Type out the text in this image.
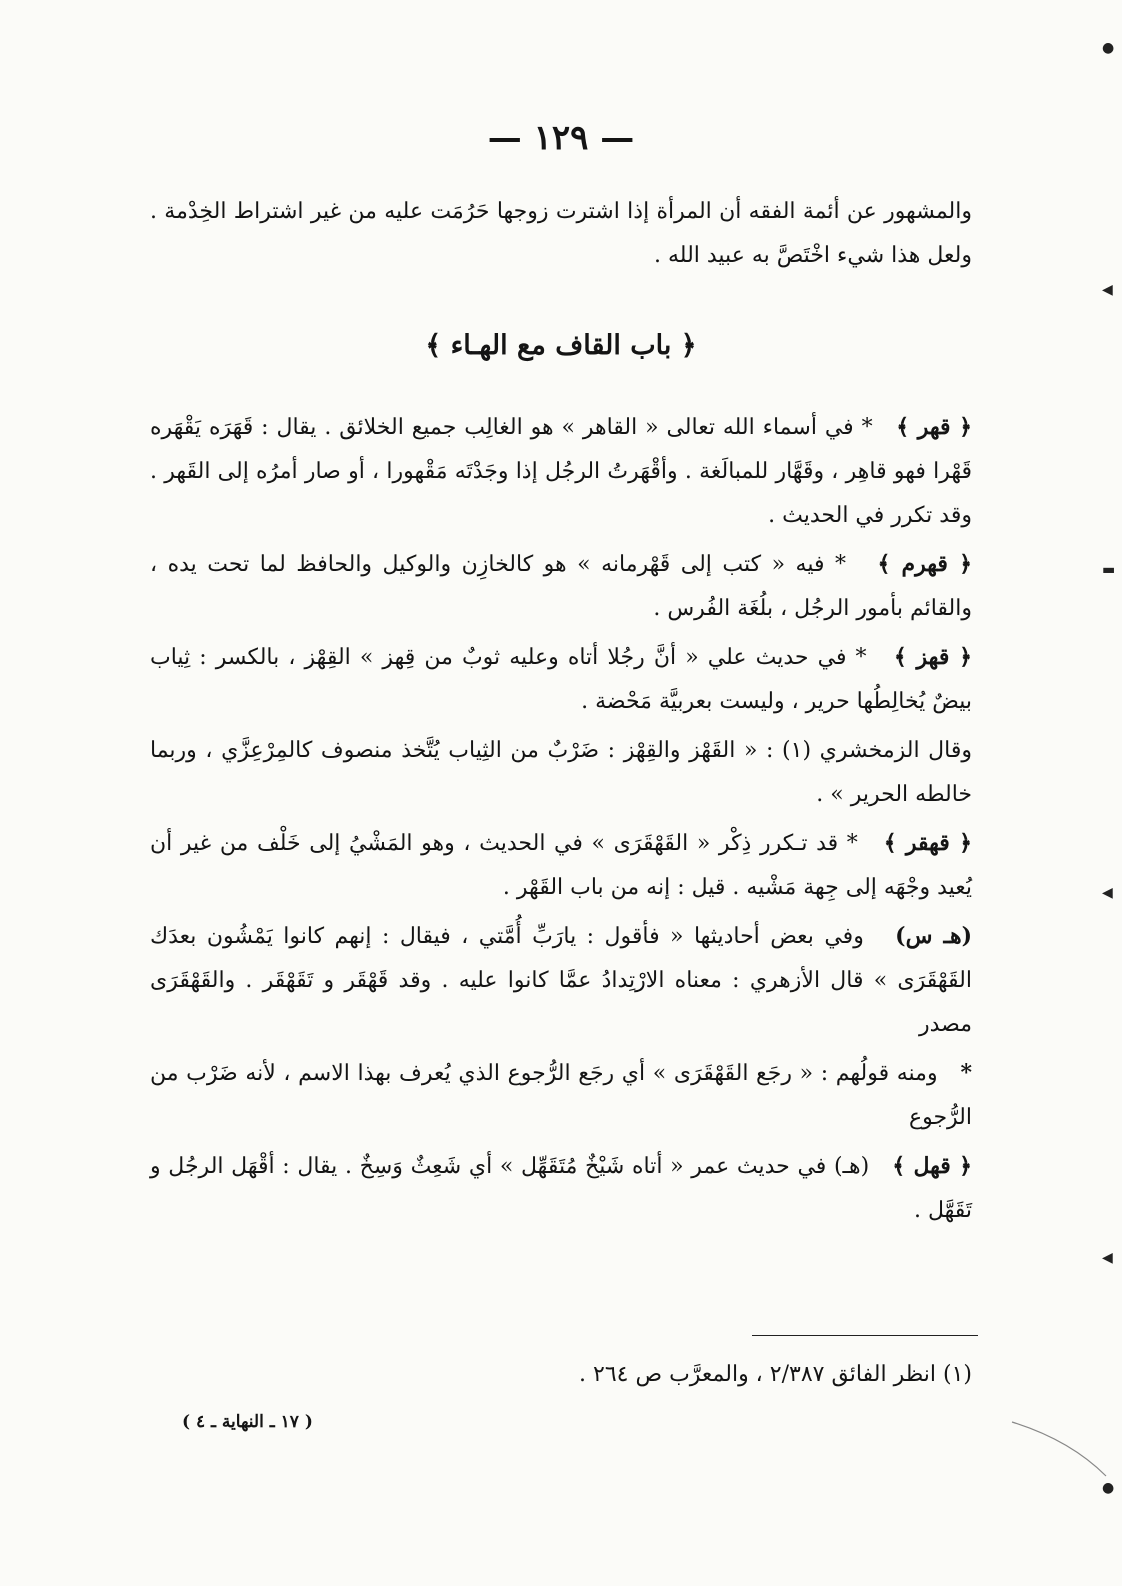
— ١٢٩ —
والمشهور عن أئمة الفقه أن المرأة إذا اشترت زوجها حَرُمَت عليه من غير اشتراط الخِدْمة . ولعل هذا شيء اخْتَصَّ به عبيد الله .
﴿ باب القاف مع الهـاء ﴾

﴿ قهر ﴾   * في أسماء الله تعالى « القاهر » هو الغالِب جميع الخلائق . يقال : قَهَرَه يَقْهَره قَهْرا فهو قاهِر ، وقَهَّار للمبالَغة . وأقْهَرتُ الرجُل إذا وجَدْتَه مَقْهورا ، أو صار أمرُه إلى القَهر . وقد تكرر في الحديث .

﴿ قهرم ﴾   * فيه « كتب إلى قَهْرمانه » هو كالخازِن والوكيل والحافظ لما تحت يده ، والقائم بأمور الرجُل ، بلُغَة الفُرس .

﴿ قهز ﴾   * في حديث علي « أنَّ رجُلا أتاه وعليه ثوبٌ من قِهز » القِهْز ، بالكسر : ثِياب بيضٌ يُخالِطُها حرير ، وليست بعربيَّة مَحْضة .

وقال الزمخشري (١) : « القَهْز والقِهْز : ضَرْبٌ من الثِياب يُتَّخذ منصوف كالمِرْعِزَّي ، وربما خالطه الحرير » .

﴿ قهقر ﴾   * قد تـكرر ذِكْر « القَهْقَرَى » في الحديث ، وهو المَشْيُ إلى خَلْف من غير أن يُعيد وجْهَه إلى جِهة مَشْيه . قيل : إنه من باب القَهْر .

(هـ س)   وفي بعض أحاديثها « فأقول : يارَبِّ أُمَّتي ، فيقال : إنهم كانوا يَمْشُون بعدَك القَهْقَرَى » قال الأزهري : معناه الارْتِدادُ عمَّا كانوا عليه . وقد قَهْقَر و تَقَهْقَر . والقَهْقَرَى مصدر

*   ومنه قولُهم : « رجَع القَهْقَرَى » أي رجَع الرُّجوع الذي يُعرف بهذا الاسم ، لأنه ضَرْب من الرُّجوع

﴿ قهل ﴾   (هـ) في حديث عمر « أتاه شَيْخٌ مُتَقَهِّل » أي شَعِثٌ وَسِخٌ . يقال : أقْهَل الرجُل و تَقَهَّل .

(١) انظر الفائق ٢/٣٨٧ ، والمعرَّب ص ٢٦٤ .
( ١٧ ـ النهاية ـ ٤ )
●
◀
▬
◀
◀
●
